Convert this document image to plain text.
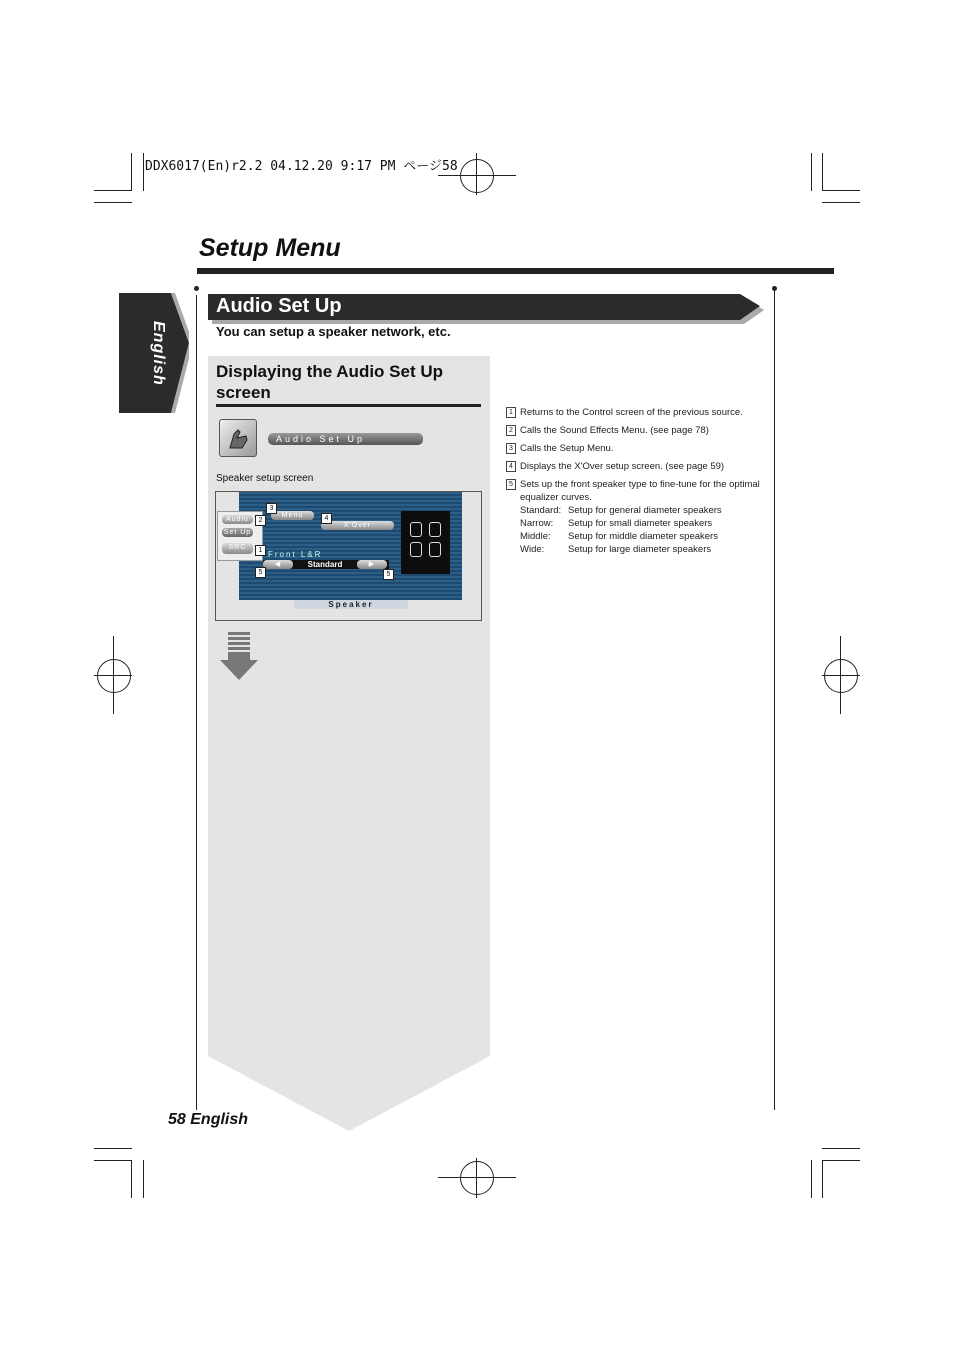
DDX6017(En)r2.2 04.12.20 9:17 PM ページ58
Setup Menu
English
Audio Set Up
You can setup a speaker network, etc.
Displaying the Audio Set Up screen
Audio Set Up
Speaker setup screen
Audio
Set Up
SRC
Menu
X'Over
Front L&R
◀	Standard	▶
3
2	4
1
5	5
Speaker
1 Returns to the Control screen of the previous source.
2 Calls the Sound Effects Menu. (see page 78)
3 Calls the Setup Menu.
4 Displays the X'Over setup screen. (see page 59)
5 Sets up the front speaker type to fine-tune for the optimal equalizer curves.
Standard: Setup for general diameter speakers
Narrow:	Setup for small diameter speakers
Middle:	Setup for middle diameter speakers
Wide:	Setup for large diameter speakers
58 English
